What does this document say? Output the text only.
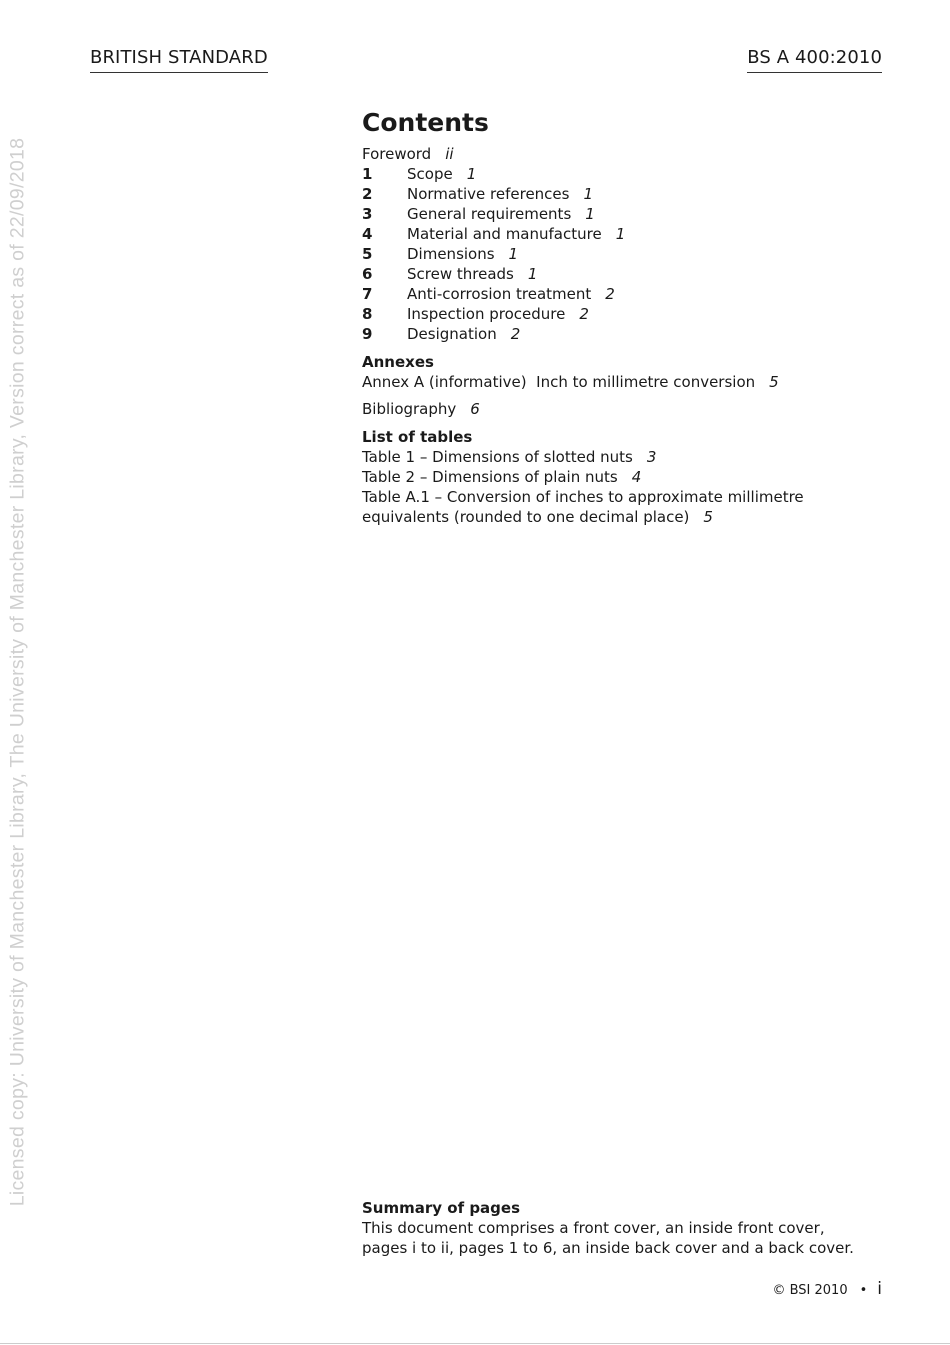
BRITISH STANDARD	BS A 400:2010
Licensed copy: University of Manchester Library, The University of Manchester Library, Version correct as of 22/09/2018
Contents
Foreword ii
1 Scope 1
2 Normative references 1
3 General requirements 1
4 Material and manufacture 1
5 Dimensions 1
6 Screw threads 1
7 Anti-corrosion treatment 2
8 Inspection procedure 2
9 Designation 2
Annexes
Annex A (informative)  Inch to millimetre conversion 5
Bibliography 6
List of tables
Table 1 – Dimensions of slotted nuts 3
Table 2 – Dimensions of plain nuts 4
Table A.1 – Conversion of inches to approximate millimetre
equivalents (rounded to one decimal place) 5
Summary of pages
This document comprises a front cover, an inside front cover,
pages i to ii, pages 1 to 6, an inside back cover and a back cover.
© BSI 2010 • i
